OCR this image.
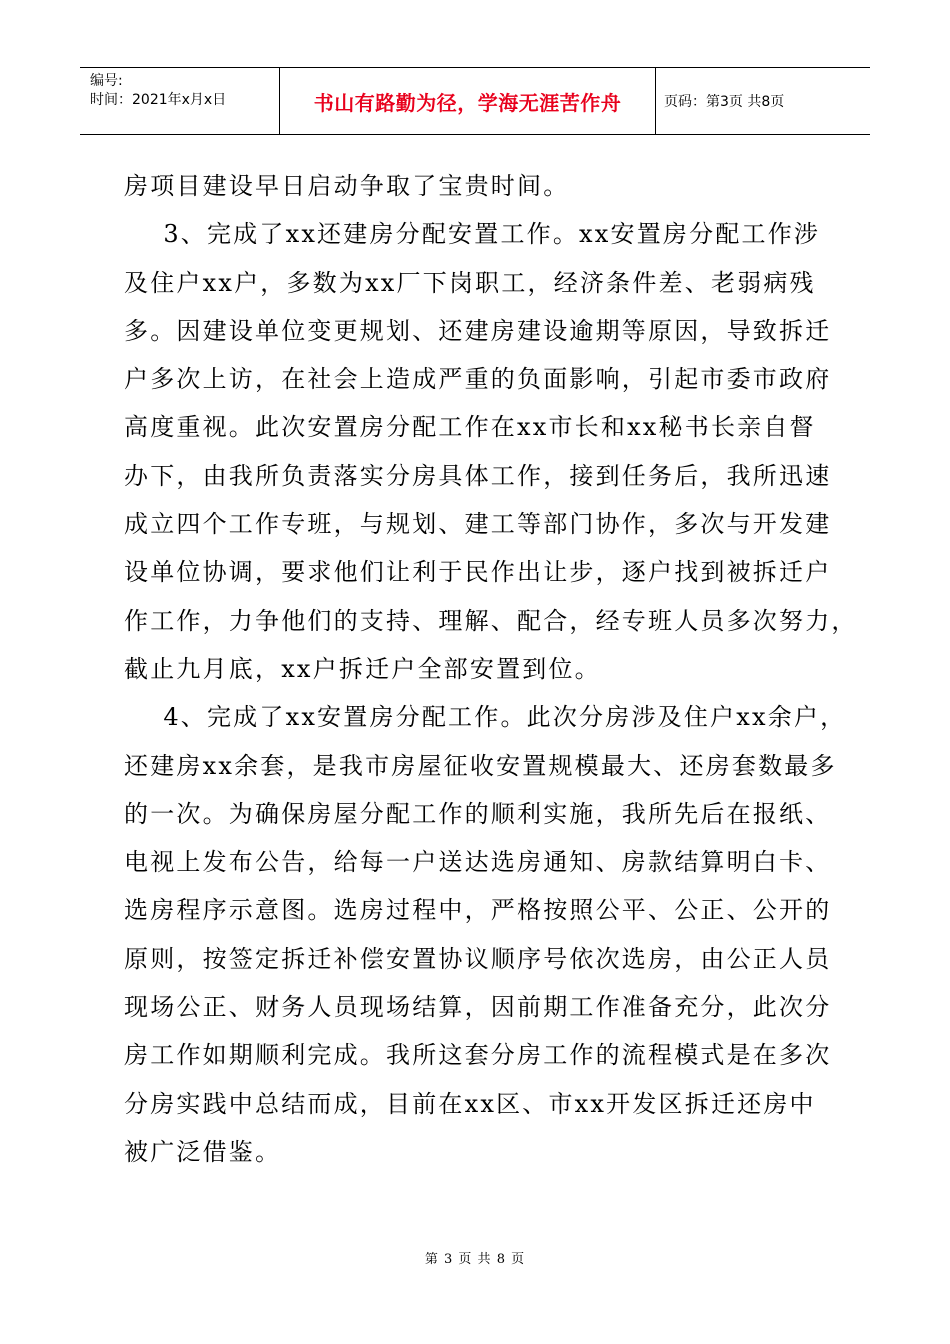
编号:
时间：2021年x月x日	书山有路勤为径，学海无涯苦作舟	页码：第3页 共8页
房项目建设早日启动争取了宝贵时间。
3、完成了xx还建房分配安置工作。xx安置房分配工作涉
及住户xx户，多数为xx厂下岗职工，经济条件差、老弱病残
多。因建设单位变更规划、还建房建设逾期等原因，导致拆迁
户多次上访，在社会上造成严重的负面影响，引起市委市政府
高度重视。此次安置房分配工作在xx市长和xx秘书长亲自督
办下，由我所负责落实分房具体工作，接到任务后，我所迅速
成立四个工作专班，与规划、建工等部门协作，多次与开发建
设单位协调，要求他们让利于民作出让步，逐户找到被拆迁户
作工作，力争他们的支持、理解、配合，经专班人员多次努力，
截止九月底，xx户拆迁户全部安置到位。
4、完成了xx安置房分配工作。此次分房涉及住户xx余户，
还建房xx余套，是我市房屋征收安置规模最大、还房套数最多
的一次。为确保房屋分配工作的顺利实施，我所先后在报纸、
电视上发布公告，给每一户送达选房通知、房款结算明白卡、
选房程序示意图。选房过程中，严格按照公平、公正、公开的
原则，按签定拆迁补偿安置协议顺序号依次选房，由公正人员
现场公正、财务人员现场结算，因前期工作准备充分，此次分
房工作如期顺利完成。我所这套分房工作的流程模式是在多次
分房实践中总结而成，目前在xx区、市xx开发区拆迁还房中
被广泛借鉴。
第 3 页 共 8 页
